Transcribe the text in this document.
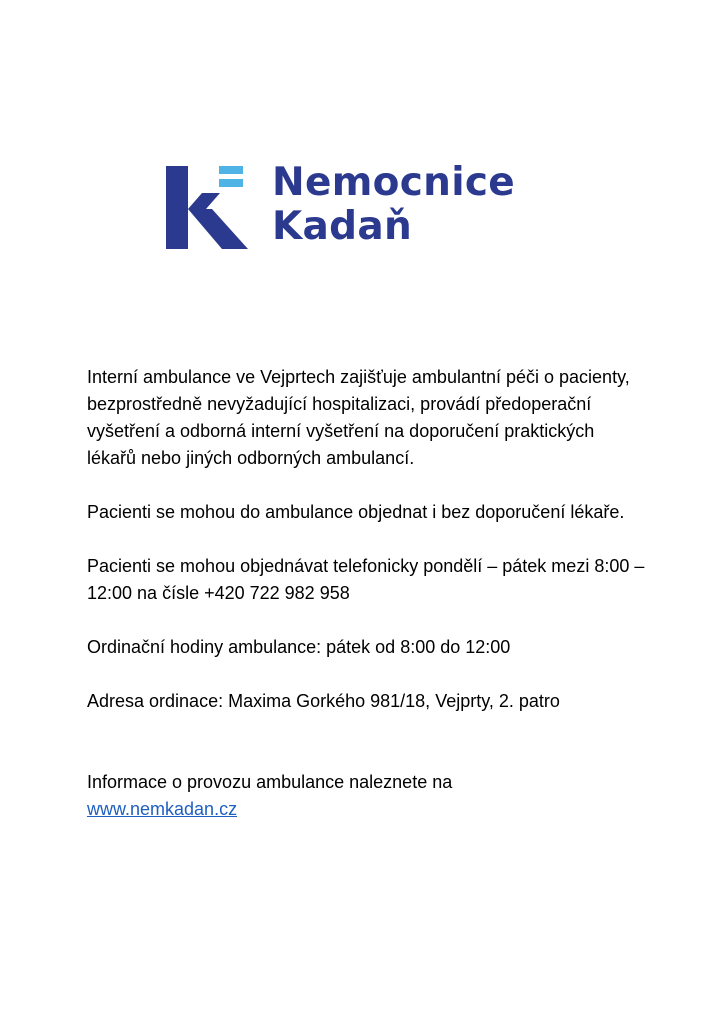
Nemocnice
Kadaň

Interní ambulance ve Vejprtech zajišťuje ambulantní péči o pacienty, bezprostředně nevyžadující hospitalizaci, provádí předoperační vyšetření a odborná interní vyšetření na doporučení praktických lékařů nebo jiných odborných ambulancí.

Pacienti se mohou do ambulance objednat i bez doporučení lékaře.

Pacienti se mohou objednávat telefonicky pondělí – pátek mezi 8:00 – 12:00 na čísle +420 722 982 958

Ordinační hodiny ambulance: pátek od 8:00 do 12:00

Adresa ordinace: Maxima Gorkého 981/18, Vejprty, 2. patro

Informace o provozu ambulance naleznete na

www.nemkadan.cz
